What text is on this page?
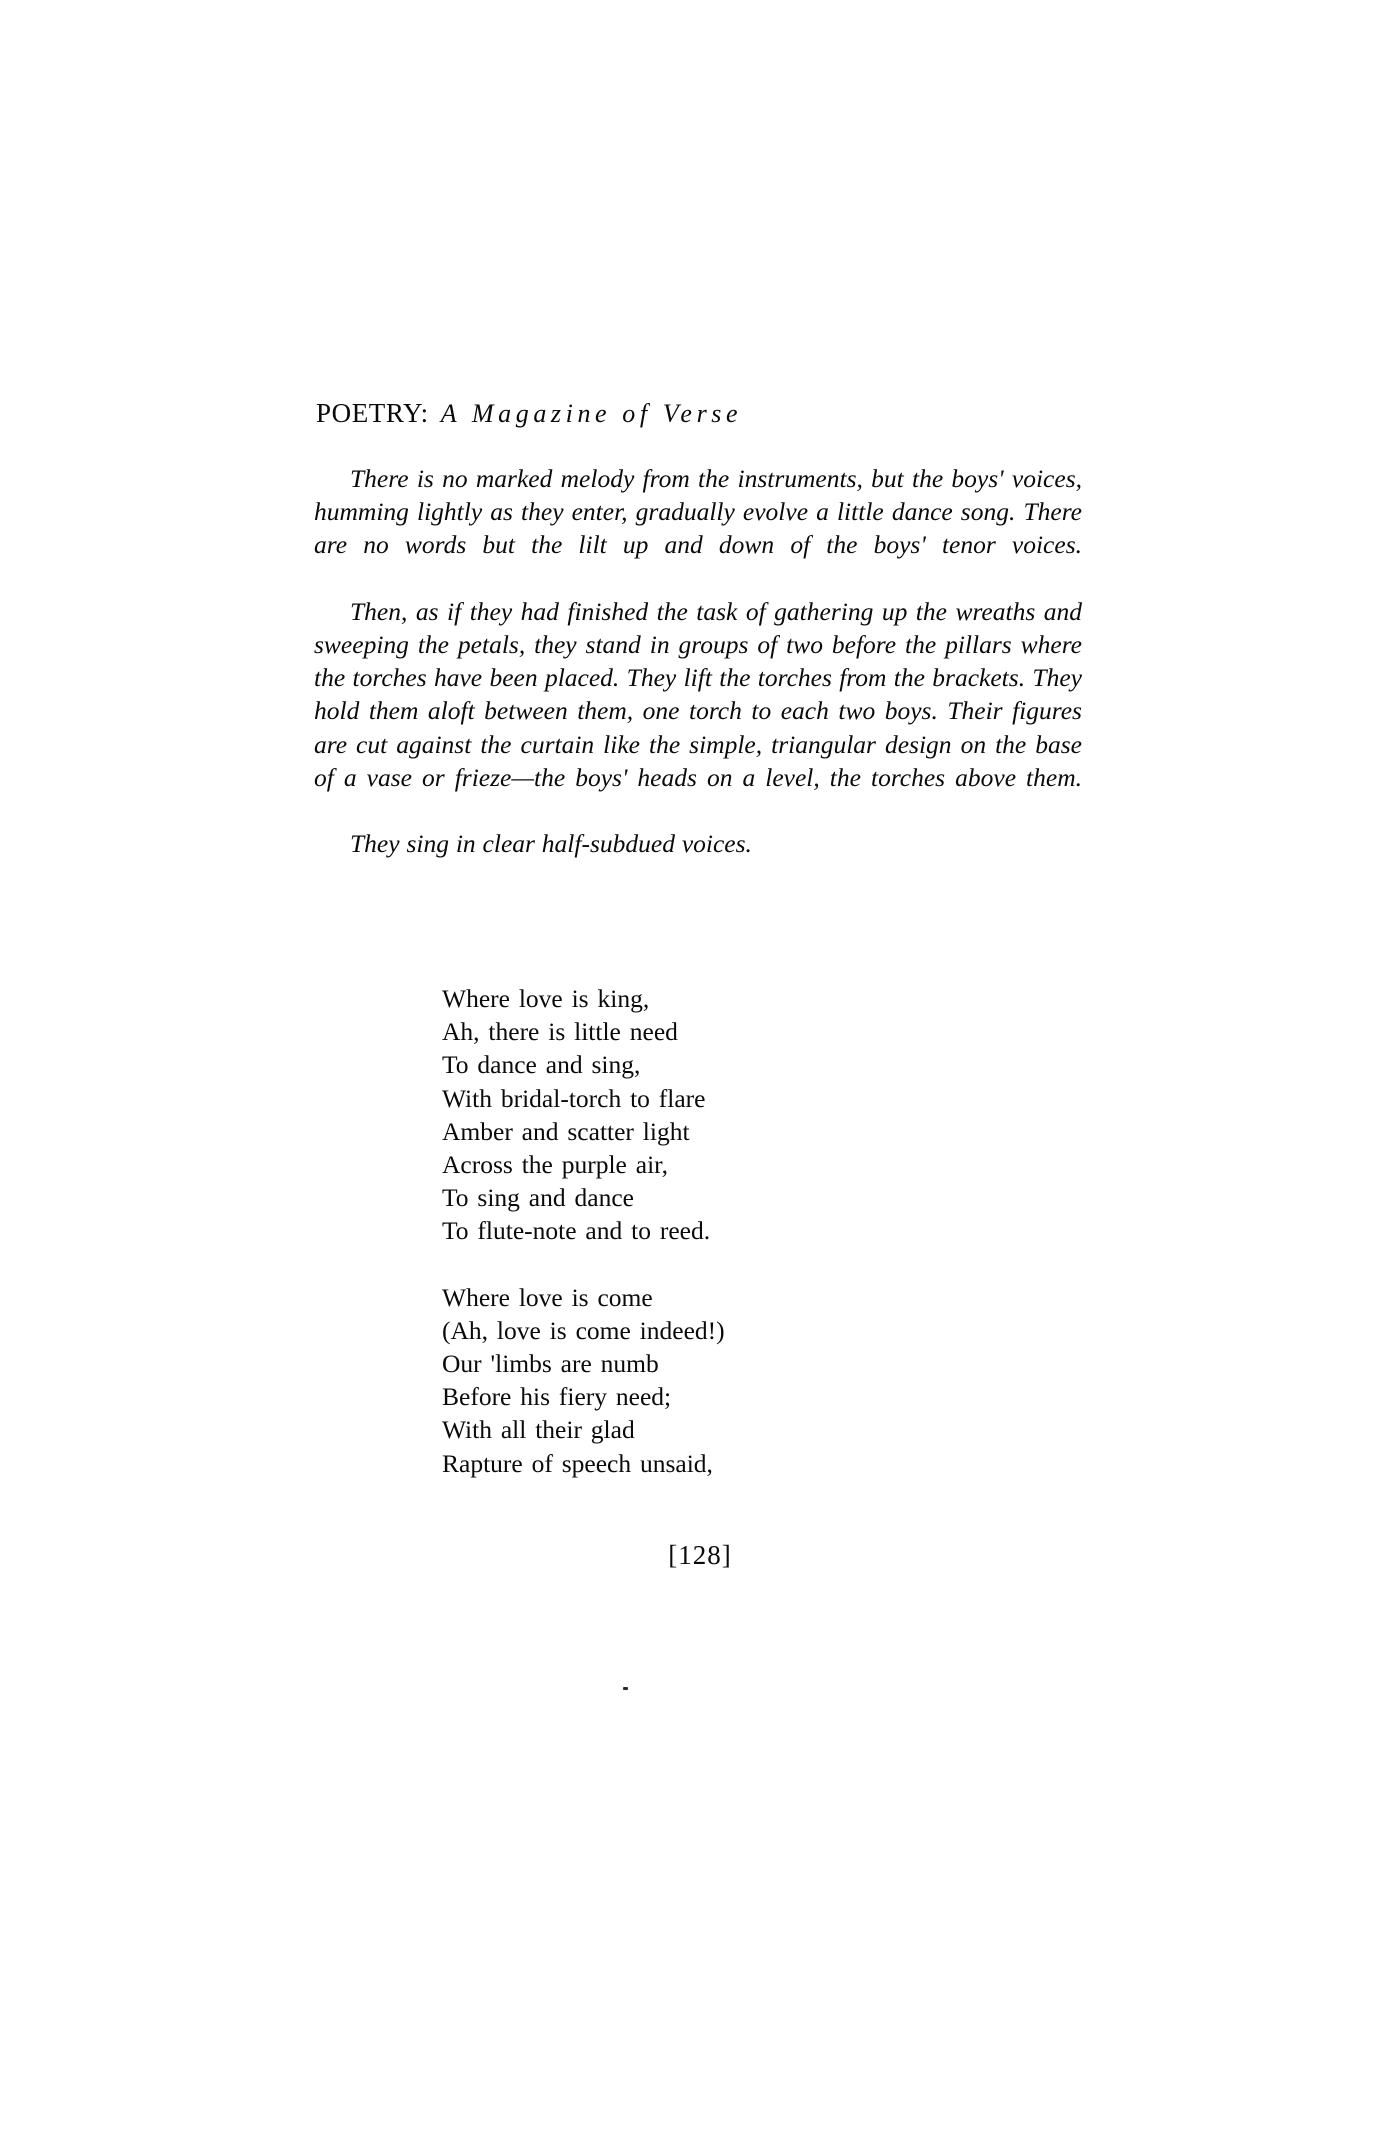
POETRY: A Magazine of Verse

There is no marked melody from the instruments, but the boys' voices, humming lightly as they enter, gradually evolve a little dance song. There are no words but the lilt up and down of the boys' tenor voices.

Then, as if they had finished the task of gathering up the wreaths and sweeping the petals, they stand in groups of two before the pillars where the torches have been placed. They lift the torches from the brackets. They hold them aloft between them, one torch to each two boys. Their figures are cut against the curtain like the simple, triangular design on the base of a vase or frieze—the boys' heads on a level, the torches above them.

They sing in clear half-subdued voices.

Where love is king,
Ah, there is little need
To dance and sing,
With bridal-torch to flare
Amber and scatter light
Across the purple air,
To sing and dance
To flute-note and to reed.
Where love is come
(Ah, love is come indeed!)
Our 'limbs are numb
Before his fiery need;
With all their glad
Rapture of speech unsaid,
[128]
